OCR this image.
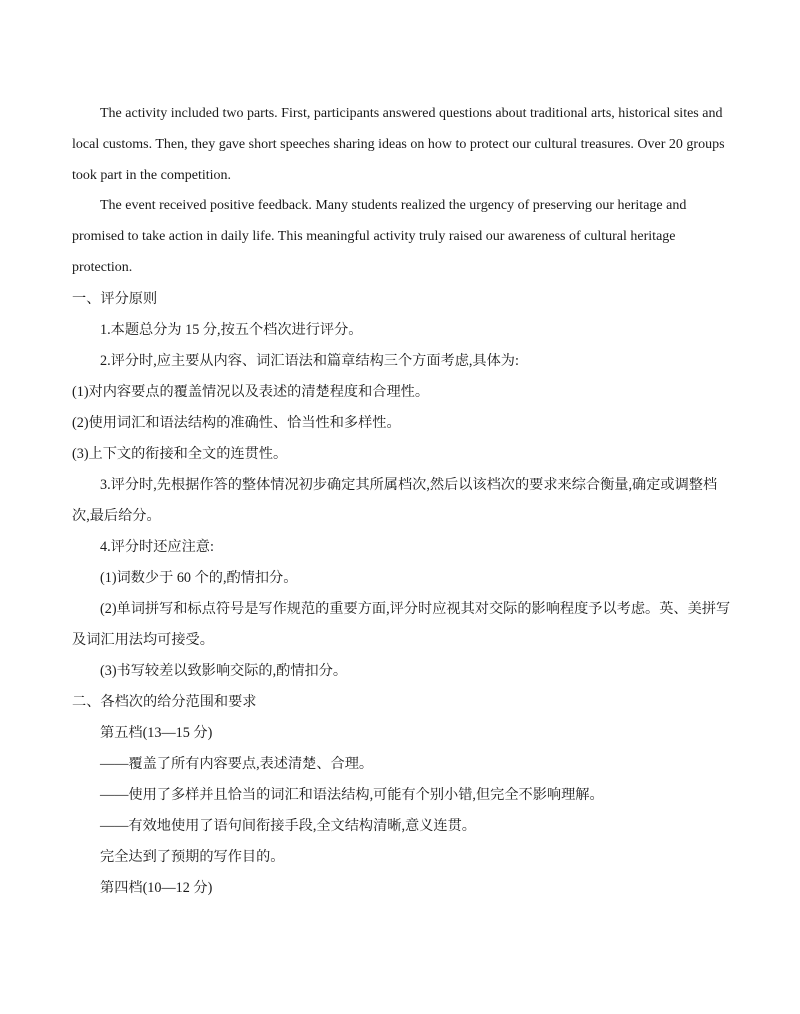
The activity included two parts. First, participants answered questions about traditional arts, historical sites and local customs. Then, they gave short speeches sharing ideas on how to protect our cultural treasures. Over 20 groups took part in the competition.

The event received positive feedback. Many students realized the urgency of preserving our heritage and promised to take action in daily life. This meaningful activity truly raised our awareness of cultural heritage protection.

一、评分原则

1.本题总分为 15 分,按五个档次进行评分。

2.评分时,应主要从内容、词汇语法和篇章结构三个方面考虑,具体为:

(1)对内容要点的覆盖情况以及表述的清楚程度和合理性。

(2)使用词汇和语法结构的准确性、恰当性和多样性。

(3)上下文的衔接和全文的连贯性。

3.评分时,先根据作答的整体情况初步确定其所属档次,然后以该档次的要求来综合衡量,确定或调整档次,最后给分。

4.评分时还应注意:

(1)词数少于 60 个的,酌情扣分。

(2)单词拼写和标点符号是写作规范的重要方面,评分时应视其对交际的影响程度予以考虑。英、美拼写及词汇用法均可接受。

(3)书写较差以致影响交际的,酌情扣分。

二、各档次的给分范围和要求

第五档(13—15 分)

——覆盖了所有内容要点,表述清楚、合理。

——使用了多样并且恰当的词汇和语法结构,可能有个别小错,但完全不影响理解。

——有效地使用了语句间衔接手段,全文结构清晰,意义连贯。

完全达到了预期的写作目的。

第四档(10—12 分)
